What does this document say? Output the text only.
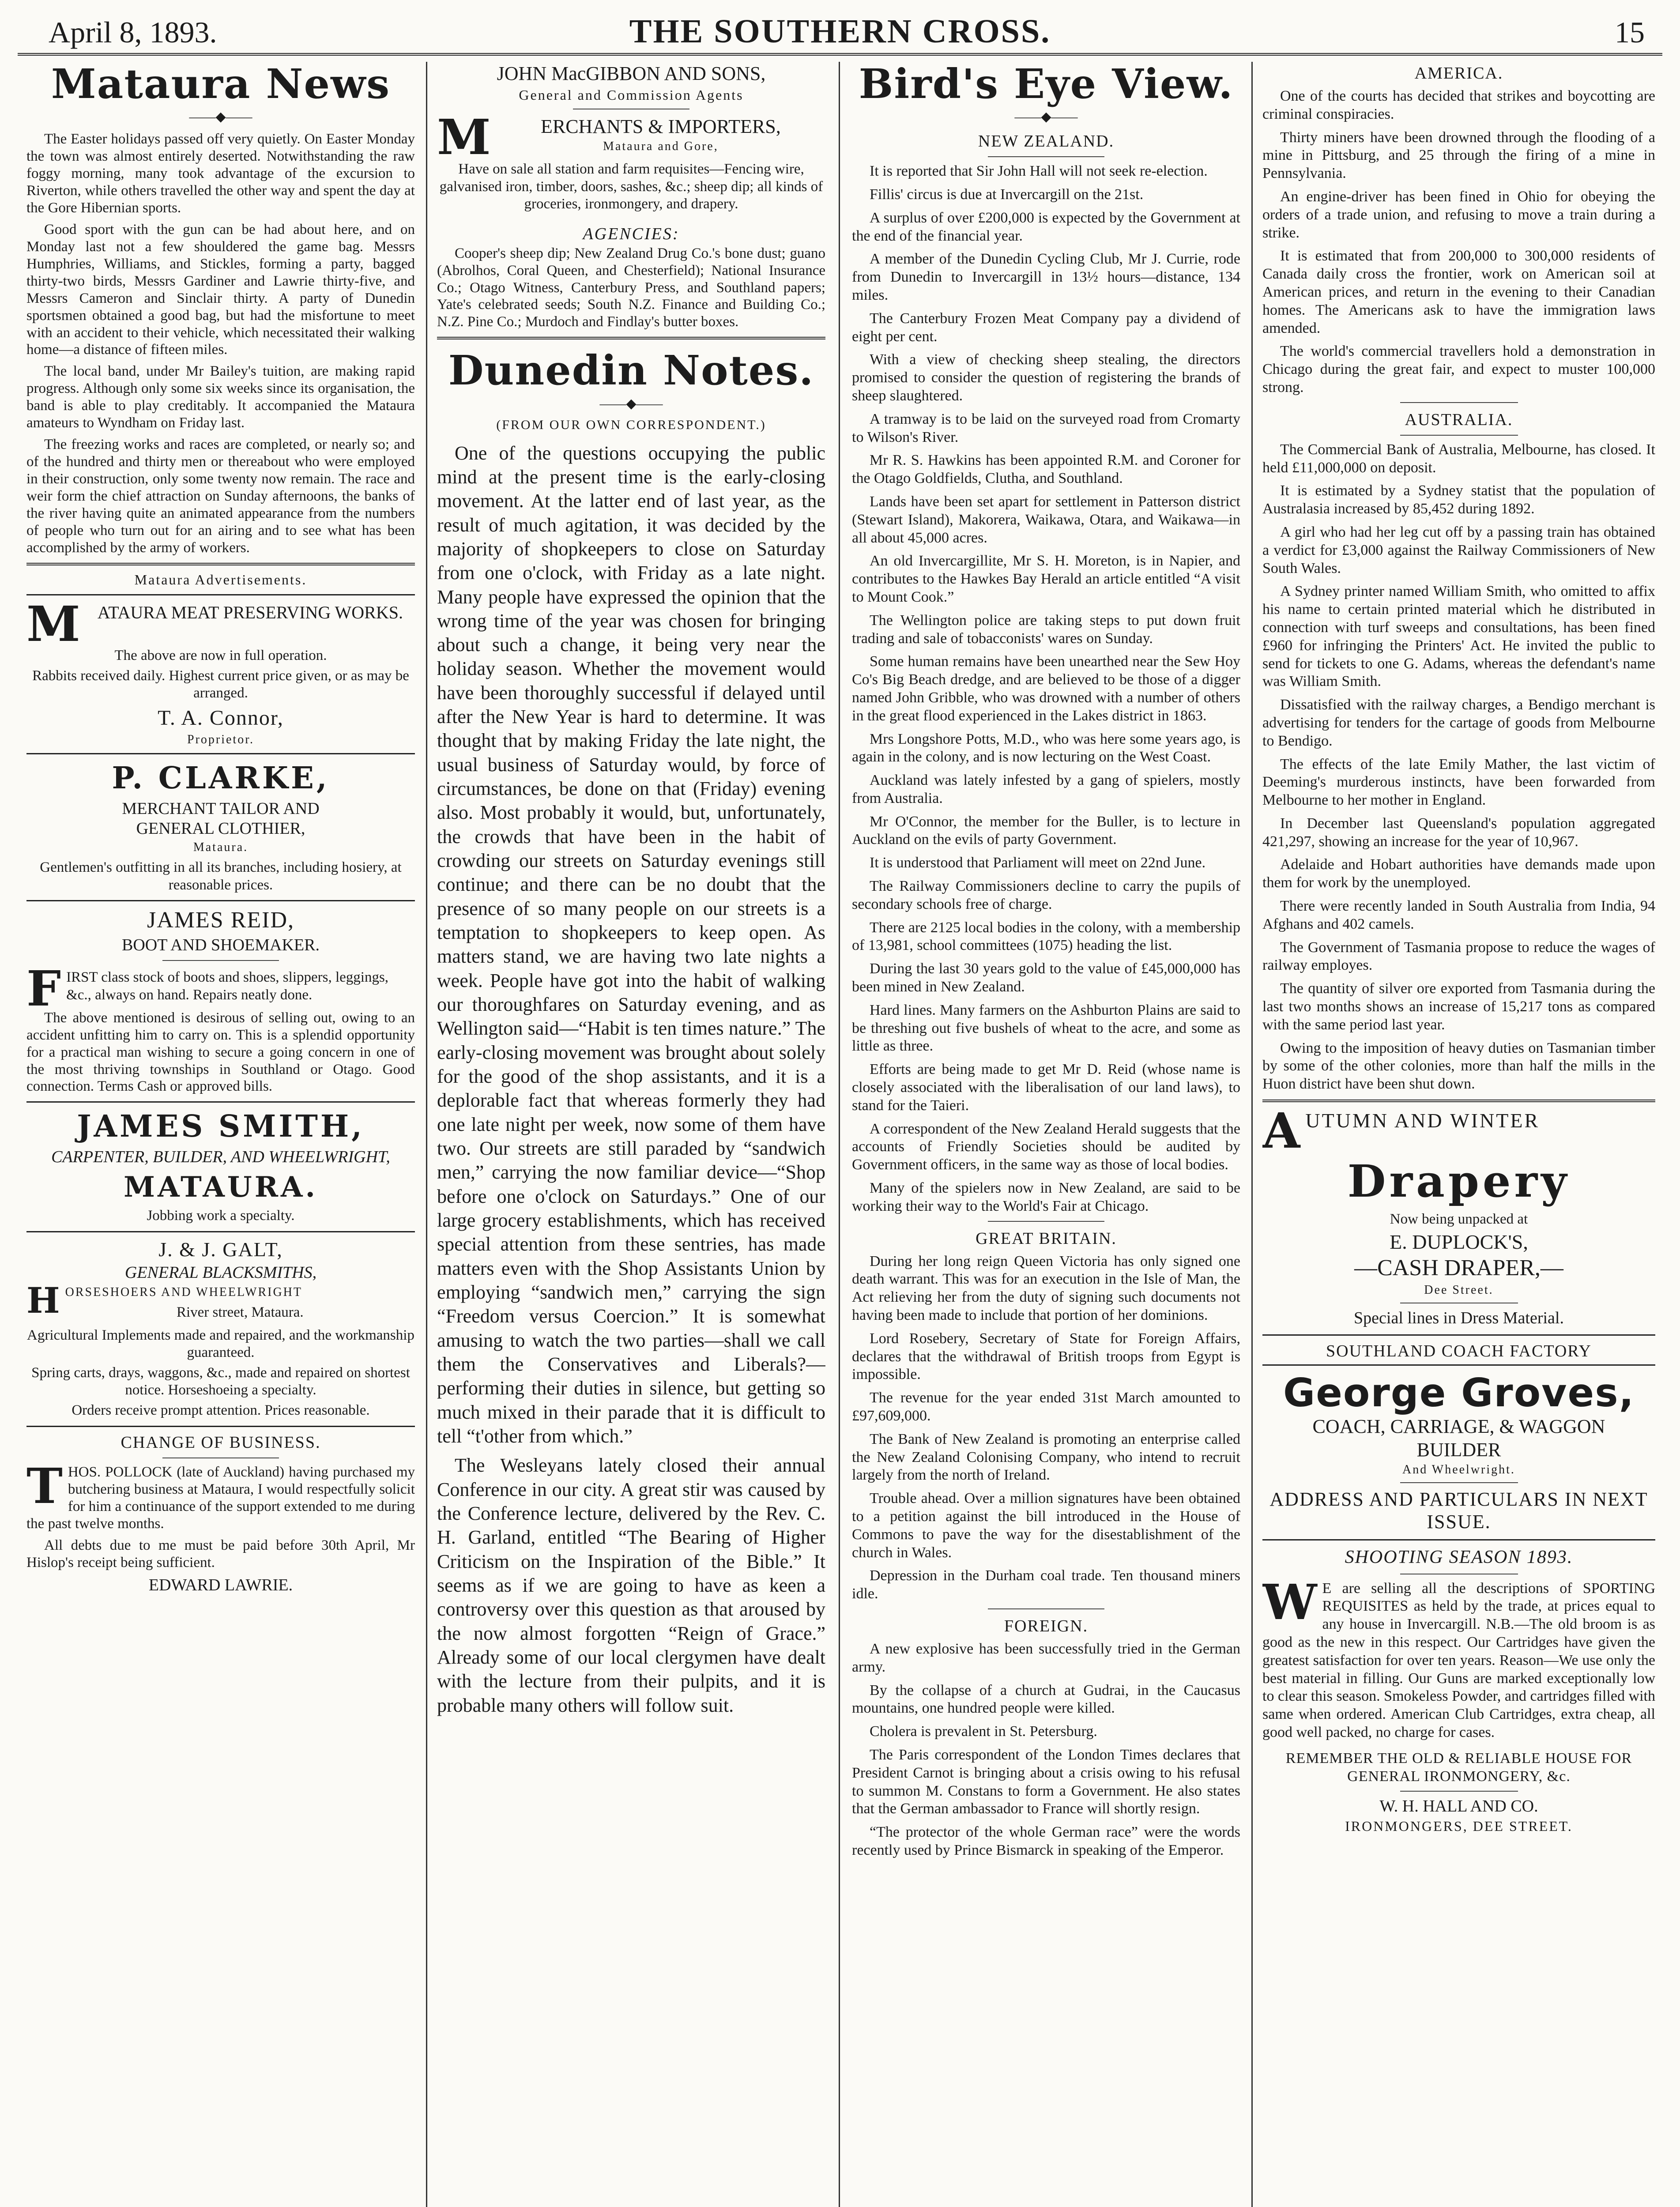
April 8, 1893.	THE SOUTHERN CROSS.	15
Mataura News
——◆——

The Easter holidays passed off very quietly. On Easter Monday the town was almost entirely deserted. Notwithstanding the raw foggy morning, many took advantage of the excursion to Riverton, while others travelled the other way and spent the day at the Gore Hibernian sports.

Good sport with the gun can be had about here, and on Monday last not a few shouldered the game bag. Messrs Humphries, Williams, and Stickles, forming a party, bagged thirty-two birds, Messrs Gardiner and Lawrie thirty-five, and Messrs Cameron and Sinclair thirty. A party of Dunedin sportsmen obtained a good bag, but had the misfortune to meet with an accident to their vehicle, which necessitated their walking home—a distance of fifteen miles.

The local band, under Mr Bailey's tuition, are making rapid progress. Although only some six weeks since its organisation, the band is able to play creditably. It accompanied the Mataura amateurs to Wyndham on Friday last.

The freezing works and races are completed, or nearly so; and of the hundred and thirty men or thereabout who were employed in their construction, only some twenty now remain. The race and weir form the chief attraction on Sunday afternoons, the banks of the river having quite an animated appearance from the numbers of people who turn out for an airing and to see what has been accomplished by the army of workers.

Mataura Advertisements.
M ATAURA MEAT PRESERVING WORKS.
The above are now in full operation.
Rabbits received daily. Highest current price given, or as may be arranged.
T. A. Connor,
Proprietor.
P. CLARKE,
MERCHANT TAILOR AND
GENERAL CLOTHIER,
Mataura.
Gentlemen's outfitting in all its branches, including hosiery, at reasonable prices.
JAMES REID,
BOOT AND SHOEMAKER.
F IRST class stock of boots and shoes, slippers, leggings, &c., always on hand. Repairs neatly done.

The above mentioned is desirous of selling out, owing to an accident unfitting him to carry on. This is a splendid opportunity for a practical man wishing to secure a going concern in one of the most thriving townships in Southland or Otago. Good connection. Terms Cash or approved bills.

JAMES SMITH,
CARPENTER, BUILDER, AND WHEELWRIGHT,
MATAURA.
Jobbing work a specialty.
J. & J. GALT,
GENERAL BLACKSMITHS,
H ORSESHOERS AND WHEELWRIGHT
River street, Mataura.
Agricultural Implements made and repaired, and the workmanship guaranteed.
Spring carts, drays, waggons, &c., made and repaired on shortest notice. Horseshoeing a specialty.
Orders receive prompt attention. Prices reasonable.
CHANGE OF BUSINESS.
T HOS. POLLOCK (late of Auckland) having purchased my butchering business at Mataura, I would respectfully solicit for him a continuance of the support extended to me during the past twelve months.

All debts due to me must be paid before 30th April, Mr Hislop's receipt being sufficient.

EDWARD LAWRIE.
JOHN MacGIBBON AND SONS,
General and Commission Agents
M	ERCHANTS & IMPORTERS,
Mataura and Gore,
Have on sale all station and farm requisites—Fencing wire, galvanised iron, timber, doors, sashes, &c.; sheep dip; all kinds of groceries, ironmongery, and drapery.
AGENCIES:

Cooper's sheep dip; New Zealand Drug Co.'s bone dust; guano (Abrolhos, Coral Queen, and Chesterfield); National Insurance Co.; Otago Witness, Canterbury Press, and Southland papers; Yate's celebrated seeds; South N.Z. Finance and Building Co.; N.Z. Pine Co.; Murdoch and Findlay's butter boxes.

Dunedin Notes.
——◆——
(FROM OUR OWN CORRESPONDENT.)

One of the questions occupying the public mind at the present time is the early-closing movement. At the latter end of last year, as the result of much agitation, it was decided by the majority of shopkeepers to close on Saturday from one o'clock, with Friday as a late night. Many people have expressed the opinion that the wrong time of the year was chosen for bringing about such a change, it being very near the holiday season. Whether the movement would have been thoroughly successful if delayed until after the New Year is hard to determine. It was thought that by making Friday the late night, the usual business of Saturday would, by force of circumstances, be done on that (Friday) evening also. Most probably it would, but, unfortunately, the crowds that have been in the habit of crowding our streets on Saturday evenings still continue; and there can be no doubt that the presence of so many people on our streets is a temptation to shopkeepers to keep open. As matters stand, we are having two late nights a week. People have got into the habit of walking our thoroughfares on Saturday evening, and as Wellington said—“Habit is ten times nature.” The early-closing movement was brought about solely for the good of the shop assistants, and it is a deplorable fact that whereas formerly they had one late night per week, now some of them have two. Our streets are still paraded by “sandwich men,” carrying the now familiar device—“Shop before one o'clock on Saturdays.” One of our large grocery establishments, which has received special attention from these sentries, has made matters even with the Shop Assistants Union by employing “sandwich men,” carrying the sign “Freedom versus Coercion.” It is somewhat amusing to watch the two parties—shall we call them the Conservatives and Liberals?—performing their duties in silence, but getting so much mixed in their parade that it is difficult to tell “t'other from which.”

The Wesleyans lately closed their annual Conference in our city. A great stir was caused by the Conference lecture, delivered by the Rev. C. H. Garland, entitled “The Bearing of Higher Criticism on the Inspiration of the Bible.” It seems as if we are going to have as keen a controversy over this question as that aroused by the now almost forgotten “Reign of Grace.” Already some of our local clergymen have dealt with the lecture from their pulpits, and it is probable many others will follow suit.

Bird's Eye View.
——◆——
NEW ZEALAND.

It is reported that Sir John Hall will not seek re-election.

Fillis' circus is due at Invercargill on the 21st.

A surplus of over £200,000 is expected by the Government at the end of the financial year.

A member of the Dunedin Cycling Club, Mr J. Currie, rode from Dunedin to Invercargill in 13½ hours—distance, 134 miles.

The Canterbury Frozen Meat Company pay a dividend of eight per cent.

With a view of checking sheep stealing, the directors promised to consider the question of registering the brands of sheep slaughtered.

A tramway is to be laid on the surveyed road from Cromarty to Wilson's River.

Mr R. S. Hawkins has been appointed R.M. and Coroner for the Otago Goldfields, Clutha, and Southland.

Lands have been set apart for settlement in Patterson district (Stewart Island), Makorera, Waikawa, Otara, and Waikawa—in all about 45,000 acres.

An old Invercargillite, Mr S. H. Moreton, is in Napier, and contributes to the Hawkes Bay Herald an article entitled “A visit to Mount Cook.”

The Wellington police are taking steps to put down fruit trading and sale of tobacconists' wares on Sunday.

Some human remains have been unearthed near the Sew Hoy Co's Big Beach dredge, and are believed to be those of a digger named John Gribble, who was drowned with a number of others in the great flood experienced in the Lakes district in 1863.

Mrs Longshore Potts, M.D., who was here some years ago, is again in the colony, and is now lecturing on the West Coast.

Auckland was lately infested by a gang of spielers, mostly from Australia.

Mr O'Connor, the member for the Buller, is to lecture in Auckland on the evils of party Government.

It is understood that Parliament will meet on 22nd June.

The Railway Commissioners decline to carry the pupils of secondary schools free of charge.

There are 2125 local bodies in the colony, with a membership of 13,981, school committees (1075) heading the list.

During the last 30 years gold to the value of £45,000,000 has been mined in New Zealand.

Hard lines. Many farmers on the Ashburton Plains are said to be threshing out five bushels of wheat to the acre, and some as little as three.

Efforts are being made to get Mr D. Reid (whose name is closely associated with the liberalisation of our land laws), to stand for the Taieri.

A correspondent of the New Zealand Herald suggests that the accounts of Friendly Societies should be audited by Government officers, in the same way as those of local bodies.

Many of the spielers now in New Zealand, are said to be working their way to the World's Fair at Chicago.

GREAT BRITAIN.

During her long reign Queen Victoria has only signed one death warrant. This was for an execution in the Isle of Man, the Act relieving her from the duty of signing such documents not having been made to include that portion of her dominions.

Lord Rosebery, Secretary of State for Foreign Affairs, declares that the withdrawal of British troops from Egypt is impossible.

The revenue for the year ended 31st March amounted to £97,609,000.

The Bank of New Zealand is promoting an enterprise called the New Zealand Colonising Company, who intend to recruit largely from the north of Ireland.

Trouble ahead. Over a million signatures have been obtained to a petition against the bill introduced in the House of Commons to pave the way for the disestablishment of the church in Wales.

Depression in the Durham coal trade. Ten thousand miners idle.

FOREIGN.

A new explosive has been successfully tried in the German army.

By the collapse of a church at Gudrai, in the Caucasus mountains, one hundred people were killed.

Cholera is prevalent in St. Petersburg.

The Paris correspondent of the London Times declares that President Carnot is bringing about a crisis owing to his refusal to summon M. Constans to form a Government. He also states that the German ambassador to France will shortly resign.

“The protector of the whole German race” were the words recently used by Prince Bismarck in speaking of the Emperor.

AMERICA.

One of the courts has decided that strikes and boycotting are criminal conspiracies.

Thirty miners have been drowned through the flooding of a mine in Pittsburg, and 25 through the firing of a mine in Pennsylvania.

An engine-driver has been fined in Ohio for obeying the orders of a trade union, and refusing to move a train during a strike.

It is estimated that from 200,000 to 300,000 residents of Canada daily cross the frontier, work on American soil at American prices, and return in the evening to their Canadian homes. The Americans ask to have the immigration laws amended.

The world's commercial travellers hold a demonstration in Chicago during the great fair, and expect to muster 100,000 strong.

AUSTRALIA.

The Commercial Bank of Australia, Melbourne, has closed. It held £11,000,000 on deposit.

It is estimated by a Sydney statist that the population of Australasia increased by 85,452 during 1892.

A girl who had her leg cut off by a passing train has obtained a verdict for £3,000 against the Railway Commissioners of New South Wales.

A Sydney printer named William Smith, who omitted to affix his name to certain printed material which he distributed in connection with turf sweeps and consultations, has been fined £960 for infringing the Printers' Act. He invited the public to send for tickets to one G. Adams, whereas the defendant's name was William Smith.

Dissatisfied with the railway charges, a Bendigo merchant is advertising for tenders for the cartage of goods from Melbourne to Bendigo.

The effects of the late Emily Mather, the last victim of Deeming's murderous instincts, have been forwarded from Melbourne to her mother in England.

In December last Queensland's population aggregated 421,297, showing an increase for the year of 10,967.

Adelaide and Hobart authorities have demands made upon them for work by the unemployed.

There were recently landed in South Australia from India, 94 Afghans and 402 camels.

The Government of Tasmania propose to reduce the wages of railway employes.

The quantity of silver ore exported from Tasmania during the last two months shows an increase of 15,217 tons as compared with the same period last year.

Owing to the imposition of heavy duties on Tasmanian timber by some of the other colonies, more than half the mills in the Huon district have been shut down.

A UTUMN AND WINTER
Drapery
Now being unpacked at
E. DUPLOCK'S,
—CASH DRAPER,—
Dee Street.
Special lines in Dress Material.
SOUTHLAND COACH FACTORY
George Groves,
COACH, CARRIAGE, & WAGGON
BUILDER
And Wheelwright.
ADDRESS AND PARTICULARS IN NEXT ISSUE.
SHOOTING SEASON 1893.
W E are selling all the descriptions of SPORTING REQUISITES as held by the trade, at prices equal to any house in Invercargill. N.B.—The old broom is as good as the new in this respect. Our Cartridges have given the greatest satisfaction for over ten years. Reason—We use only the best material in filling. Our Guns are marked exceptionally low to clear this season. Smokeless Powder, and cartridges filled with same when ordered. American Club Cartridges, extra cheap, all good well packed, no charge for cases.

REMEMBER THE OLD & RELIABLE HOUSE FOR GENERAL IRONMONGERY, &c.
W. H. HALL AND CO.
IRONMONGERS, DEE STREET.
